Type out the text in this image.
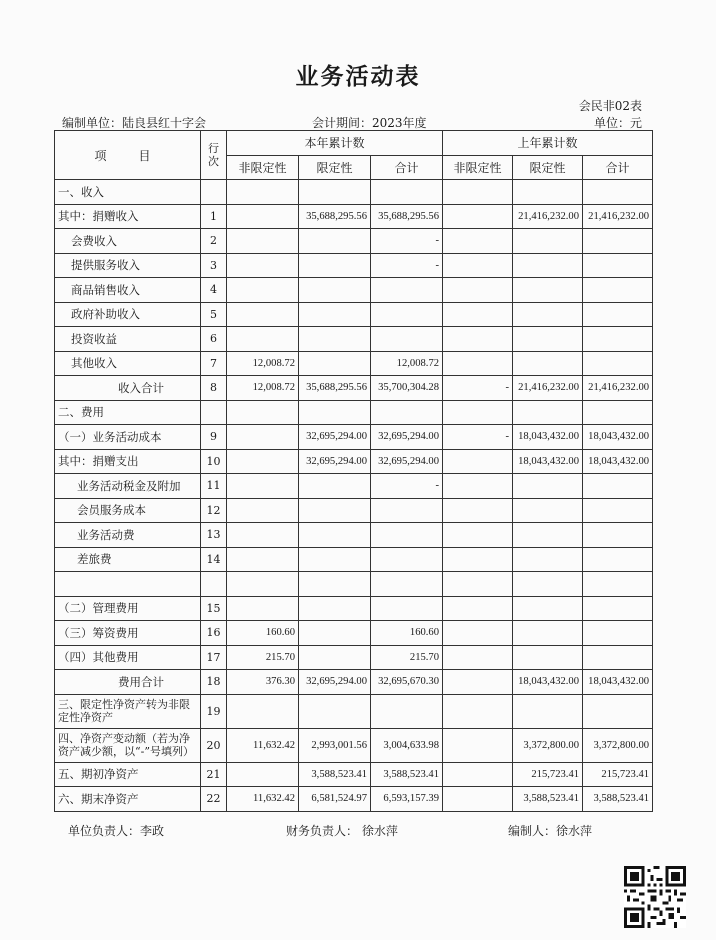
业务活动表
会民非02表
编制单位：陆良县红十字会	会计期间：2023年度	单位：元
项　目	行次	本年累计数			上年累计数		
		非限定性	限定性	合计	非限定性	限定性	合计
一、收入							
其中：捐赠收入	1		35,688,295.56	35,688,295.56		21,416,232.00	21,416,232.00
会费收入	2			-			
提供服务收入	3			-			
商品销售收入	4						
政府补助收入	5						
投资收益	6						
其他收入	7	12,008.72		12,008.72			
收入合计	8	12,008.72	35,688,295.56	35,700,304.28	-	21,416,232.00	21,416,232.00
二、费用							
（一）业务活动成本	9		32,695,294.00	32,695,294.00	-	18,043,432.00	18,043,432.00
其中：捐赠支出	10		32,695,294.00	32,695,294.00		18,043,432.00	18,043,432.00
业务活动税金及附加	11			-			
会员服务成本	12						
业务活动费	13						
差旅费	14						

（二）管理费用	15						
（三）筹资费用	16	160.60		160.60			
（四）其他费用	17	215.70		215.70			
费用合计	18	376.30	32,695,294.00	32,695,670.30		18,043,432.00	18,043,432.00
三、限定性净资产转为非限定性净资产	19						
四、净资产变动额（若为净资产减少额，以“-”号填列）	20	11,632.42	2,993,001.56	3,004,633.98		3,372,800.00	3,372,800.00
五、期初净资产	21		3,588,523.41	3,588,523.41		215,723.41	215,723.41
六、期末净资产	22	11,632.42	6,581,524.97	6,593,157.39		3,588,523.41	3,588,523.41
单位负责人：李政	财务负责人： 徐水萍	编制人：徐水萍
